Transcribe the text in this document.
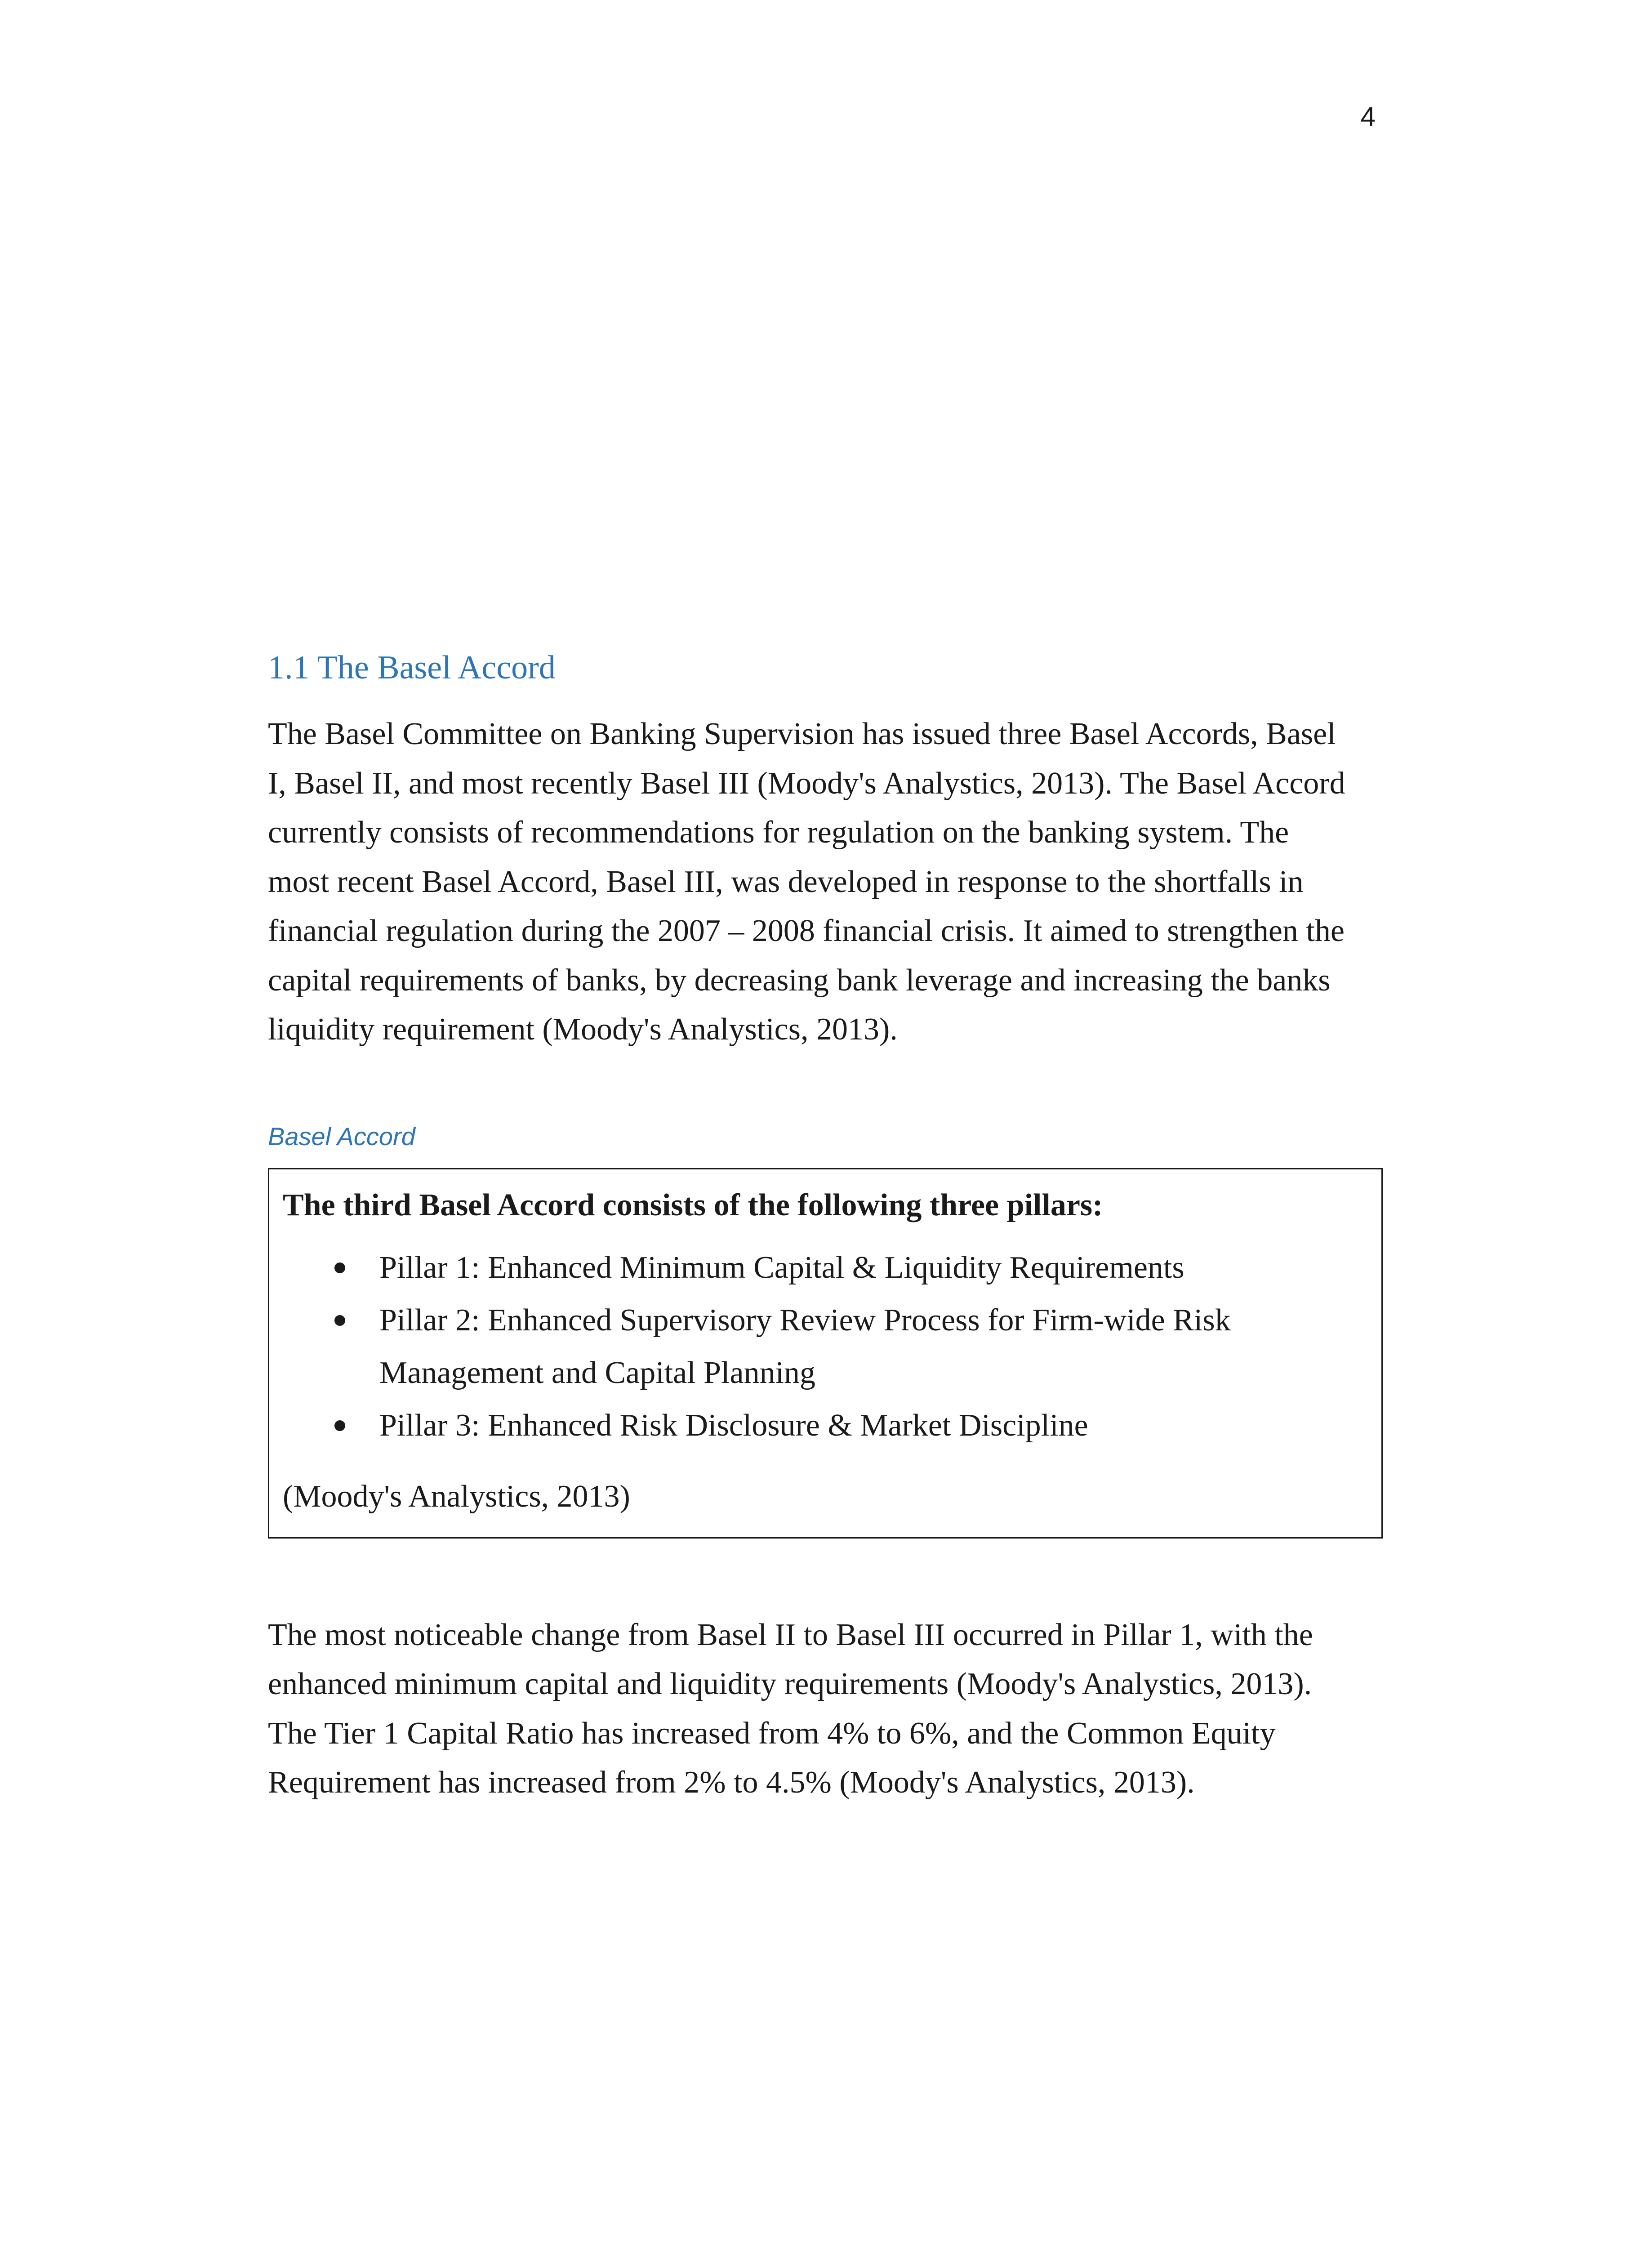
4
1.1 The Basel Accord

The Basel Committee on Banking Supervision has issued three Basel Accords, Basel
I, Basel II, and most recently Basel III (Moody's Analystics, 2013). The Basel Accord
currently consists of recommendations for regulation on the banking system. The
most recent Basel Accord, Basel III, was developed in response to the shortfalls in
financial regulation during the 2007 – 2008 financial crisis. It aimed to strengthen the
capital requirements of banks, by decreasing bank leverage and increasing the banks
liquidity requirement (Moody's Analystics, 2013).

Basel Accord

The third Basel Accord consists of the following three pillars:

Pillar 1: Enhanced Minimum Capital & Liquidity Requirements
Pillar 2: Enhanced Supervisory Review Process for Firm-wide Risk
Management and Capital Planning
Pillar 3: Enhanced Risk Disclosure & Market Discipline

(Moody's Analystics, 2013)

The most noticeable change from Basel II to Basel III occurred in Pillar 1, with the
enhanced minimum capital and liquidity requirements (Moody's Analystics, 2013).
The Tier 1 Capital Ratio has increased from 4% to 6%, and the Common Equity
Requirement has increased from 2% to 4.5% (Moody's Analystics, 2013).
